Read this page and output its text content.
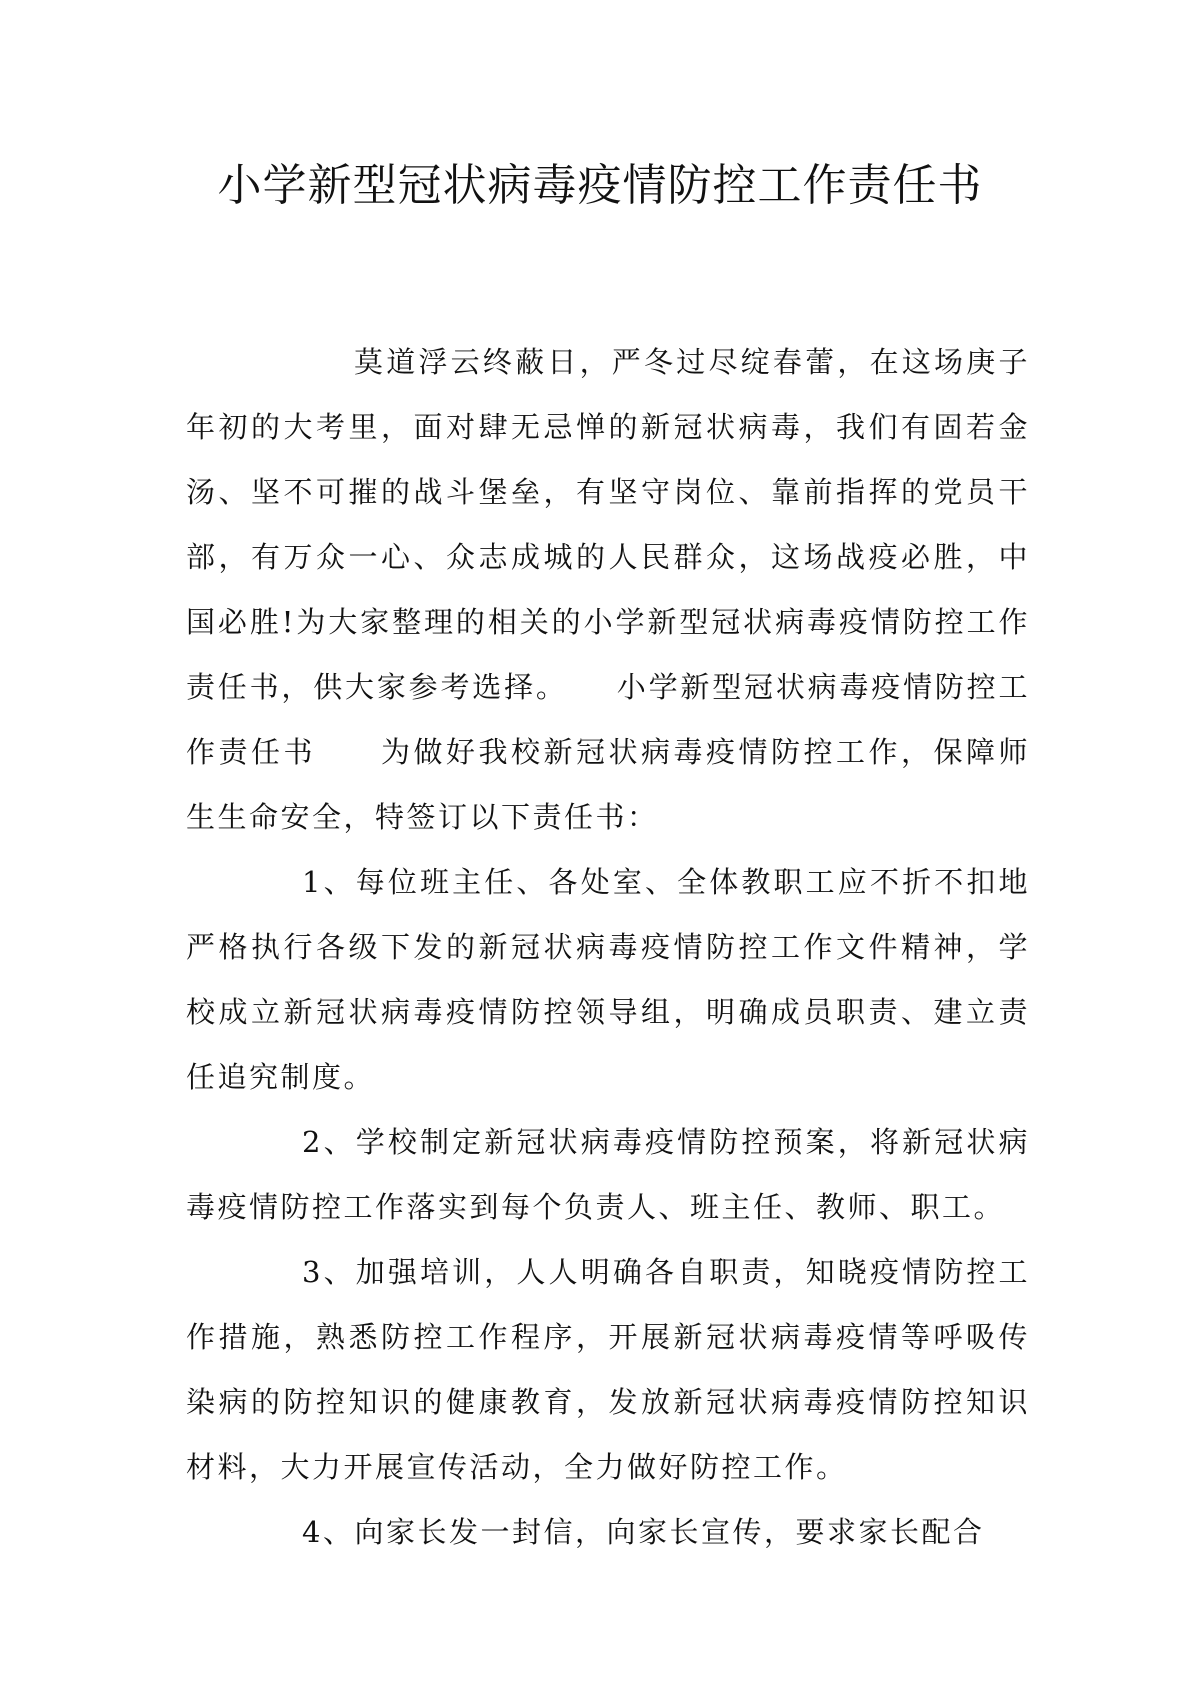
小学新型冠状病毒疫情防控工作责任书

莫道浮云终蔽日，严冬过尽绽春蕾，在这场庚子年初的大考里，面对肆无忌惮的新冠状病毒，我们有固若金汤、坚不可摧的战斗堡垒，有坚守岗位、靠前指挥的党员干部，有万众一心、众志成城的人民群众，这场战疫必胜，中国必胜!为大家整理的相关的小学新型冠状病毒疫情防控工作责任书，供大家参考选择。　　小学新型冠状病毒疫情防控工作责任书　　为做好我校新冠状病毒疫情防控工作，保障师生生命安全，特签订以下责任书：

1、每位班主任、各处室、全体教职工应不折不扣地严格执行各级下发的新冠状病毒疫情防控工作文件精神，学校成立新冠状病毒疫情防控领导组，明确成员职责、建立责任追究制度。

2、学校制定新冠状病毒疫情防控预案，将新冠状病毒疫情防控工作落实到每个负责人、班主任、教师、职工。

3、加强培训，人人明确各自职责，知晓疫情防控工作措施，熟悉防控工作程序，开展新冠状病毒疫情等呼吸传染病的防控知识的健康教育，发放新冠状病毒疫情防控知识材料，大力开展宣传活动，全力做好防控工作。

4、向家长发一封信，向家长宣传，要求家长配合
